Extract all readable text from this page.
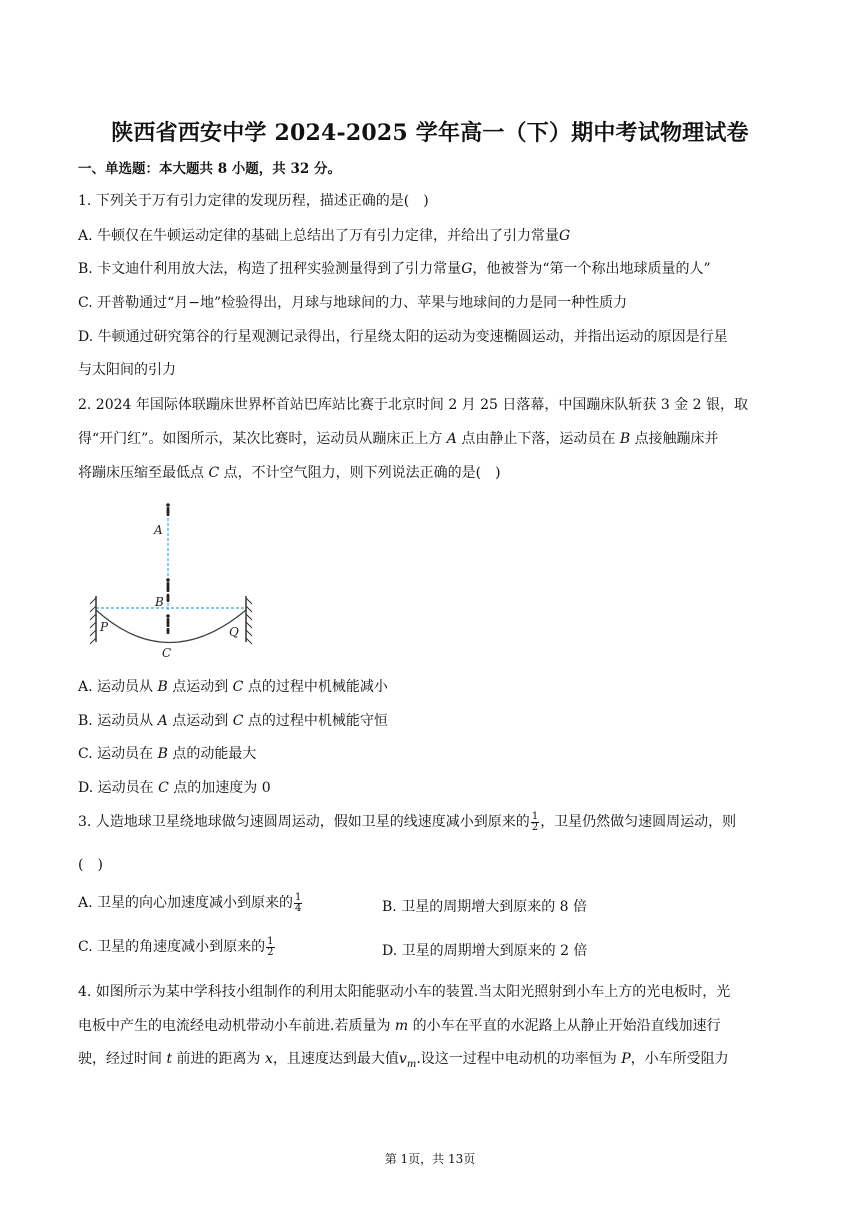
陕西省西安中学 2024-2025 学年高一（下）期中考试物理试卷
一、单选题：本大题共 8 小题，共 32 分。
1. 下列关于万有引力定律的发现历程，描述正确的是(　)
A. 牛顿仅在牛顿运动定律的基础上总结出了万有引力定律，并给出了引力常量G
B. 卡文迪什利用放大法，构造了扭秤实验测量得到了引力常量G，他被誉为“第一个称出地球质量的人”
C. 开普勒通过“月−地”检验得出，月球与地球间的力、苹果与地球间的力是同一种性质力
D. 牛顿通过研究第谷的行星观测记录得出，行星绕太阳的运动为变速椭圆运动，并指出运动的原因是行星
与太阳间的引力
2. 2024 年国际体联蹦床世界杯首站巴库站比赛于北京时间 2 月 25 日落幕，中国蹦床队斩获 3 金 2 银，取
得“开门红”。如图所示，某次比赛时，运动员从蹦床正上方 A 点由静止下落，运动员在 B 点接触蹦床并
将蹦床压缩至最低点 C 点，不计空气阻力，则下列说法正确的是(　)
A
B
P	Q
C
A. 运动员从 B 点运动到 C 点的过程中机械能减小
B. 运动员从 A 点运动到 C 点的过程中机械能守恒
C. 运动员在 B 点的动能最大
D. 运动员在 C 点的加速度为 0
3. 人造地球卫星绕地球做匀速圆周运动，假如卫星的线速度减小到原来的 $\frac{1}{2}$ ，卫星仍然做匀速圆周运动，则
(　)
A. 卫星的向心加速度减小到原来的 $\frac{1}{4}$	B. 卫星的周期增大到原来的 8 倍
C. 卫星的角速度减小到原来的 $\frac{1}{2}$	D. 卫星的周期增大到原来的 2 倍
4. 如图所示为某中学科技小组制作的利用太阳能驱动小车的装置.当太阳光照射到小车上方的光电板时，光
电板中产生的电流经电动机带动小车前进.若质量为 m 的小车在平直的水泥路上从静止开始沿直线加速行
驶，经过时间 t 前进的距离为 x，且速度达到最大值$v_m$.设这一过程中电动机的功率恒为 P，小车所受阻力
第 1页，共 13页
